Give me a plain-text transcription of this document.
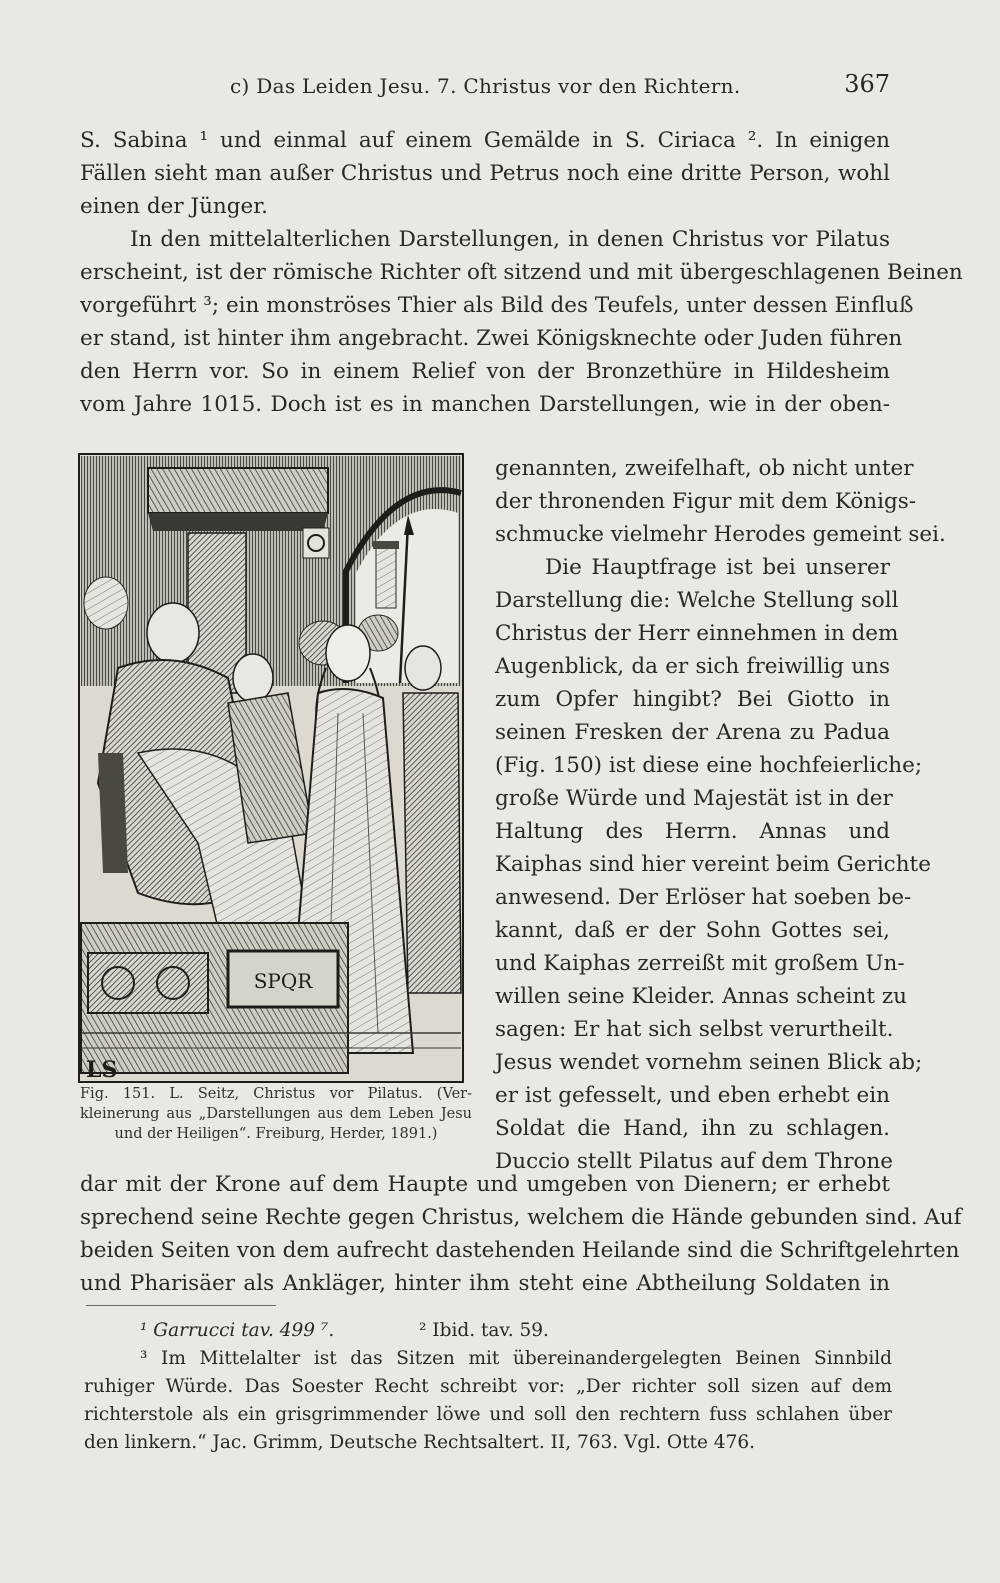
c) Das Leiden Jesu. 7. Christus vor den Richtern.	367
S. Sabina ¹ und einmal auf einem Gemälde in S. Ciriaca ². In einigen
Fällen sieht man außer Christus und Petrus noch eine dritte Person, wohl
einen der Jünger.
In den mittelalterlichen Darstellungen, in denen Christus vor Pilatus
erscheint, ist der römische Richter oft sitzend und mit übergeschlagenen Beinen
vorgeführt ³; ein monströses Thier als Bild des Teufels, unter dessen Einfluß
er stand, ist hinter ihm angebracht. Zwei Königsknechte oder Juden führen
den Herrn vor. So in einem Relief von der Bronzethüre in Hildesheim
vom Jahre 1015. Doch ist es in manchen Darstellungen, wie in der oben-
SPQR
LS
Fig. 151. L. Seitz, Christus vor Pilatus. (Ver-
kleinerung aus „Darstellungen aus dem Leben Jesu
und der Heiligen“. Freiburg, Herder, 1891.)
genannten, zweifelhaft, ob nicht unter
der thronenden Figur mit dem Königs-
schmucke vielmehr Herodes gemeint sei.
Die Hauptfrage ist bei unserer
Darstellung die: Welche Stellung soll
Christus der Herr einnehmen in dem
Augenblick, da er sich freiwillig uns
zum Opfer hingibt? Bei Giotto in
seinen Fresken der Arena zu Padua
(Fig. 150) ist diese eine hochfeierliche;
große Würde und Majestät ist in der
Haltung des Herrn. Annas und
Kaiphas sind hier vereint beim Gerichte
anwesend. Der Erlöser hat soeben be-
kannt, daß er der Sohn Gottes sei,
und Kaiphas zerreißt mit großem Un-
willen seine Kleider. Annas scheint zu
sagen: Er hat sich selbst verurtheilt.
Jesus wendet vornehm seinen Blick ab;
er ist gefesselt, und eben erhebt ein
Soldat die Hand, ihn zu schlagen.
Duccio stellt Pilatus auf dem Throne
dar mit der Krone auf dem Haupte und umgeben von Dienern; er erhebt
sprechend seine Rechte gegen Christus, welchem die Hände gebunden sind. Auf
beiden Seiten von dem aufrecht dastehenden Heilande sind die Schriftgelehrten
und Pharisäer als Ankläger, hinter ihm steht eine Abtheilung Soldaten in
¹ Garrucci tav. 499 ⁷.	² Ibid. tav. 59.
³ Im Mittelalter ist das Sitzen mit übereinandergelegten Beinen Sinnbild
ruhiger Würde. Das Soester Recht schreibt vor: „Der richter soll sizen auf dem
richterstole als ein grisgrimmender löwe und soll den rechtern fuss schlahen über
den linkern.“ Jac. Grimm, Deutsche Rechtsaltert. II, 763. Vgl. Otte 476.
